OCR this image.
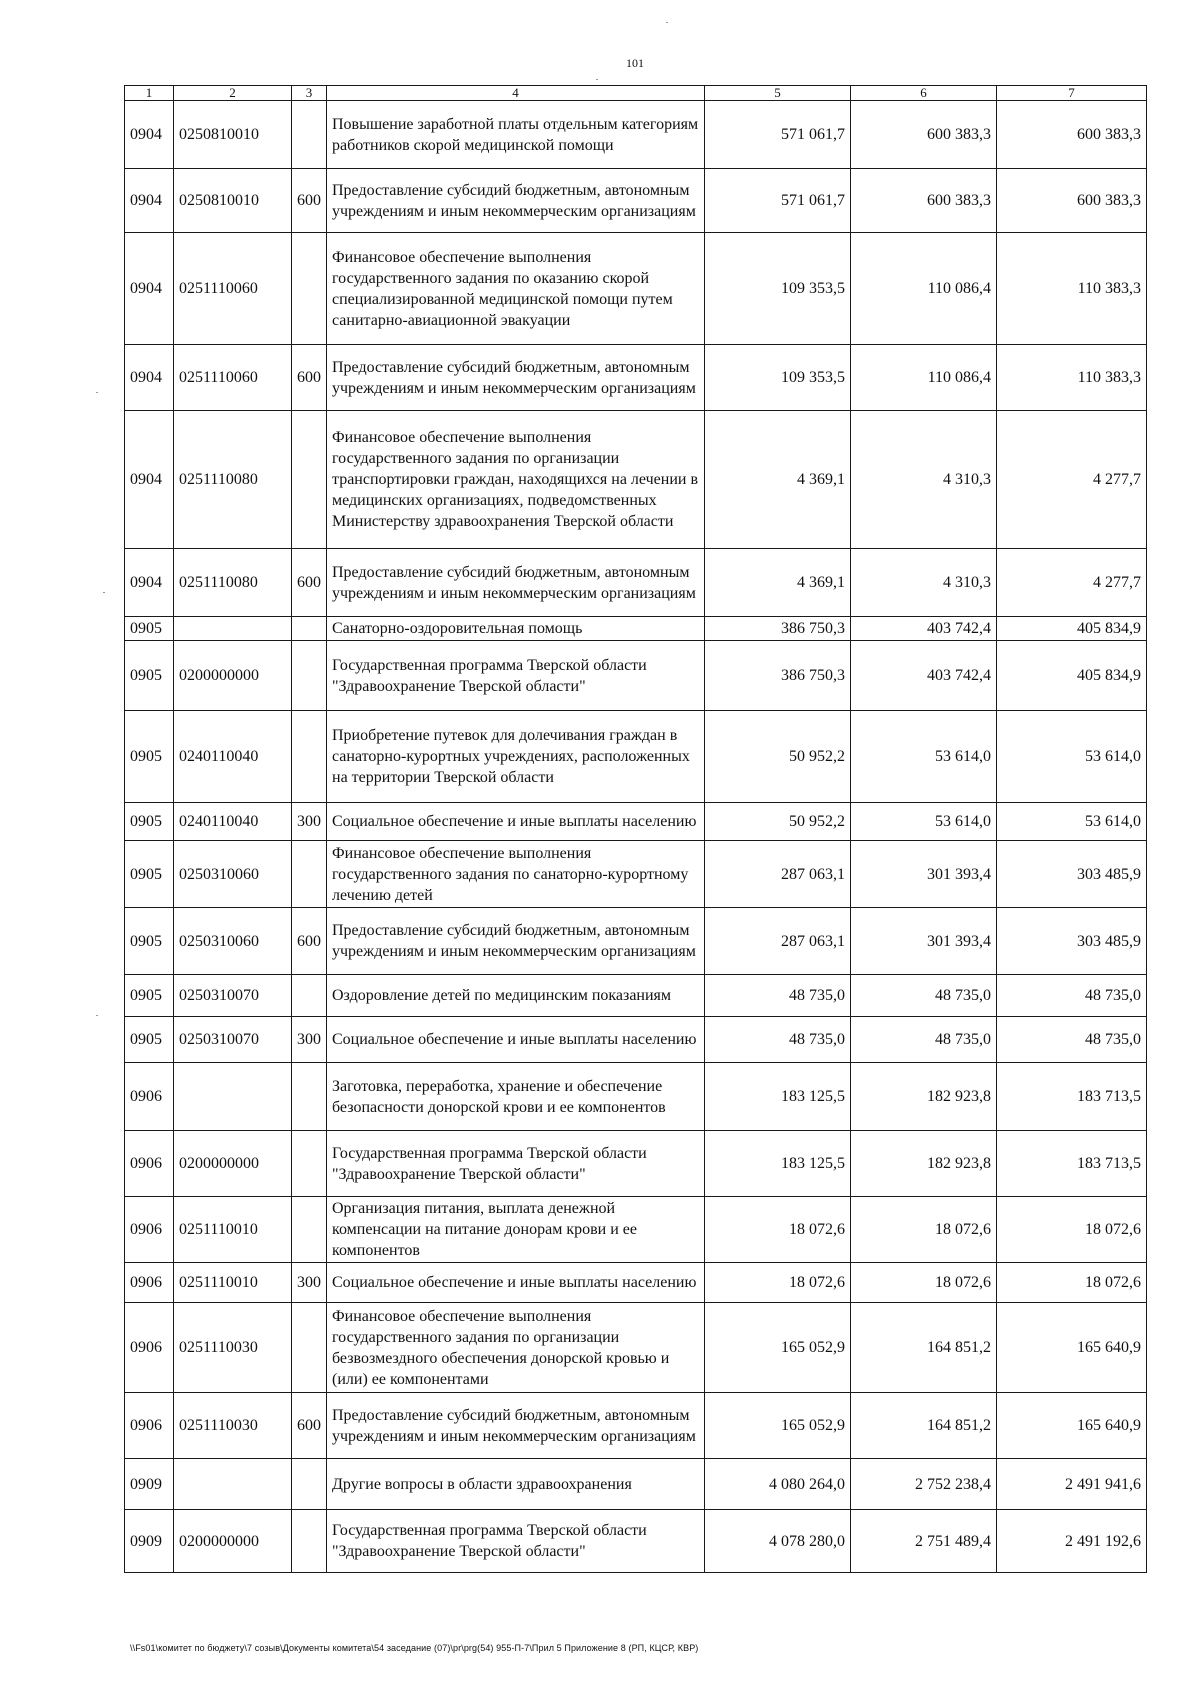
101
1	2	3	4	5	6	7
0904	0250810010		Повышение заработной платы отдельным категориям работников скорой медицинской помощи	571 061,7	600 383,3	600 383,3
0904	0250810010	600	Предоставление субсидий бюджетным, автономным учреждениям и иным некоммерческим организациям	571 061,7	600 383,3	600 383,3
0904	0251110060		Финансовое обеспечение выполнения государственного задания по оказанию скорой специализированной медицинской помощи путем санитарно-авиационной эвакуации	109 353,5	110 086,4	110 383,3
0904	0251110060	600	Предоставление субсидий бюджетным, автономным учреждениям и иным некоммерческим организациям	109 353,5	110 086,4	110 383,3
0904	0251110080		Финансовое обеспечение выполнения государственного задания по организации транспортировки граждан, находящихся на лечении в медицинских организациях, подведомственных Министерству здравоохранения Тверской области	4 369,1	4 310,3	4 277,7
0904	0251110080	600	Предоставление субсидий бюджетным, автономным учреждениям и иным некоммерческим организациям	4 369,1	4 310,3	4 277,7
0905			Санаторно-оздоровительная помощь	386 750,3	403 742,4	405 834,9
0905	0200000000		Государственная программа Тверской области "Здравоохранение Тверской области"	386 750,3	403 742,4	405 834,9
0905	0240110040		Приобретение путевок для долечивания граждан в санаторно-курортных учреждениях, расположенных на территории Тверской области	50 952,2	53 614,0	53 614,0
0905	0240110040	300	Социальное обеспечение и иные выплаты населению	50 952,2	53 614,0	53 614,0
0905	0250310060		Финансовое обеспечение выполнения государственного задания по санаторно-курортному лечению детей	287 063,1	301 393,4	303 485,9
0905	0250310060	600	Предоставление субсидий бюджетным, автономным учреждениям и иным некоммерческим организациям	287 063,1	301 393,4	303 485,9
0905	0250310070		Оздоровление детей по медицинским показаниям	48 735,0	48 735,0	48 735,0
0905	0250310070	300	Социальное обеспечение и иные выплаты населению	48 735,0	48 735,0	48 735,0
0906			Заготовка, переработка, хранение и обеспечение безопасности донорской крови и ее компонентов	183 125,5	182 923,8	183 713,5
0906	0200000000		Государственная программа Тверской области "Здравоохранение Тверской области"	183 125,5	182 923,8	183 713,5
0906	0251110010		Организация питания, выплата денежной компенсации на питание донорам крови и ее компонентов	18 072,6	18 072,6	18 072,6
0906	0251110010	300	Социальное обеспечение и иные выплаты населению	18 072,6	18 072,6	18 072,6
0906	0251110030		Финансовое обеспечение выполнения государственного задания по организации безвозмездного обеспечения донорской кровью и (или) ее компонентами	165 052,9	164 851,2	165 640,9
0906	0251110030	600	Предоставление субсидий бюджетным, автономным учреждениям и иным некоммерческим организациям	165 052,9	164 851,2	165 640,9
0909			Другие вопросы в области здравоохранения	4 080 264,0	2 752 238,4	2 491 941,6
0909	0200000000		Государственная программа Тверской области "Здравоохранение Тверской области"	4 078 280,0	2 751 489,4	2 491 192,6
\\Fs01\комитет по бюджету\7 созыв\Документы комитета\54 заседание (07)\pr\prg(54) 955-П-7\Прил 5 Приложение 8 (РП, КЦСР, КВР)
